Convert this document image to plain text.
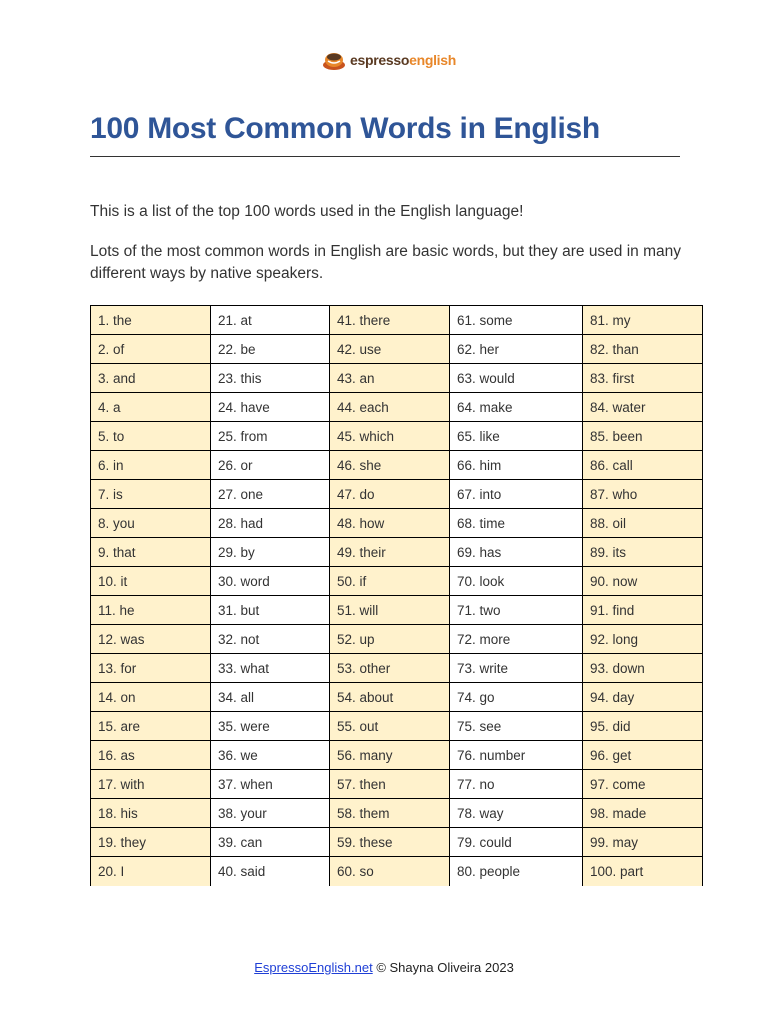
espressoenglish
100 Most Common Words in English

This is a list of the top 100 words used in the English language!

Lots of the most common words in English are basic words, but they are used in many different ways by native speakers.

1. the	21. at	41. there	61. some	81. my
2. of	22. be	42. use	62. her	82. than
3. and	23. this	43. an	63. would	83. first
4. a	24. have	44. each	64. make	84. water
5. to	25. from	45. which	65. like	85. been
6. in	26. or	46. she	66. him	86. call
7. is	27. one	47. do	67. into	87. who
8. you	28. had	48. how	68. time	88. oil
9. that	29. by	49. their	69. has	89. its
10. it	30. word	50. if	70. look	90. now
11. he	31. but	51. will	71. two	91. find
12. was	32. not	52. up	72. more	92. long
13. for	33. what	53. other	73. write	93. down
14. on	34. all	54. about	74. go	94. day
15. are	35. were	55. out	75. see	95. did
16. as	36. we	56. many	76. number	96. get
17. with	37. when	57. then	77. no	97. come
18. his	38. your	58. them	78. way	98. made
19. they	39. can	59. these	79. could	99. may
20. I	40. said	60. so	80. people	100. part
EspressoEnglish.net © Shayna Oliveira 2023
